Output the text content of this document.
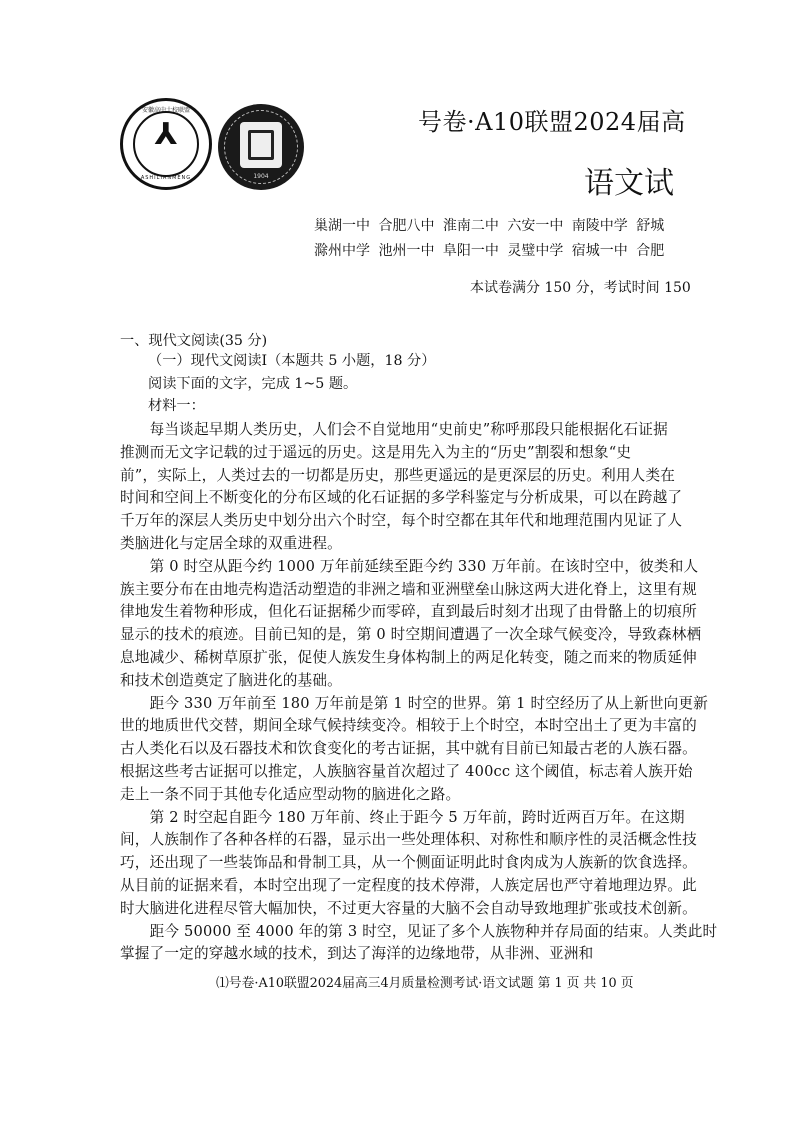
安徽高中十校联盟
⅄
ASHILIANMENG	1904
号卷·A10联盟2024届高
语文试
巢湖一中 合肥八中 淮南二中 六安一中 南陵中学 舒城
滁州中学 池州一中 阜阳一中 灵璧中学 宿城一中 合肥
本试卷满分 150 分，考试时间 150
一、现代文阅读(35 分)
（一）现代文阅读Ⅰ（本题共 5 小题，18 分）
阅读下面的文字，完成 1~5 题。
材料一：
　　每当谈起早期人类历史，人们会不自觉地用“史前史”称呼那段只能根据化石证据
推测而无文字记载的过于遥远的历史。这是用先入为主的“历史”割裂和想象“史
前”，实际上，人类过去的一切都是历史，那些更遥远的是更深层的历史。利用人类在
时间和空间上不断变化的分布区域的化石证据的多学科鉴定与分析成果，可以在跨越了
千万年的深层人类历史中划分出六个时空，每个时空都在其年代和地理范围内见证了人
类脑进化与定居全球的双重进程。
　　第 0 时空从距今约 1000 万年前延续至距今约 330 万年前。在该时空中，彼类和人
族主要分布在由地壳构造活动塑造的非洲之墙和亚洲壁垒山脉这两大进化脊上，这里有规
律地发生着物种形成，但化石证据稀少而零碎，直到最后时刻才出现了由骨骼上的切痕所
显示的技术的痕迹。目前已知的是，第 0 时空期间遭遇了一次全球气候变冷，导致森林栖
息地减少、稀树草原扩张，促使人族发生身体构制上的两足化转变，随之而来的物质延伸
和技术创造奠定了脑进化的基础。
　　距今 330 万年前至 180 万年前是第 1 时空的世界。第 1 时空经历了从上新世向更新
世的地质世代交替，期间全球气候持续变冷。相较于上个时空，本时空出土了更为丰富的
古人类化石以及石器技术和饮食变化的考古证据，其中就有目前已知最古老的人族石器。
根据这些考古证据可以推定，人族脑容量首次超过了 400cc 这个阈值，标志着人族开始
走上一条不同于其他专化适应型动物的脑进化之路。
　　第 2 时空起自距今 180 万年前、终止于距今 5 万年前，跨时近两百万年。在这期
间，人族制作了各种各样的石器，显示出一些处理体积、对称性和顺序性的灵活概念性技
巧，还出现了一些装饰品和骨制工具，从一个侧面证明此时食肉成为人族新的饮食选择。
从目前的证据来看，本时空出现了一定程度的技术停滞，人族定居也严守着地理边界。此
时大脑进化进程尽管大幅加快，不过更大容量的大脑不会自动导致地理扩张或技术创新。
　　距今 50000 至 4000 年的第 3 时空，见证了多个人族物种并存局面的结束。人类此时
掌握了一定的穿越水域的技术，到达了海洋的边缘地带，从非洲、亚洲和
⑴号卷·A10联盟2024届高三4月质量检测考试·语文试题 第 1 页 共 10 页
